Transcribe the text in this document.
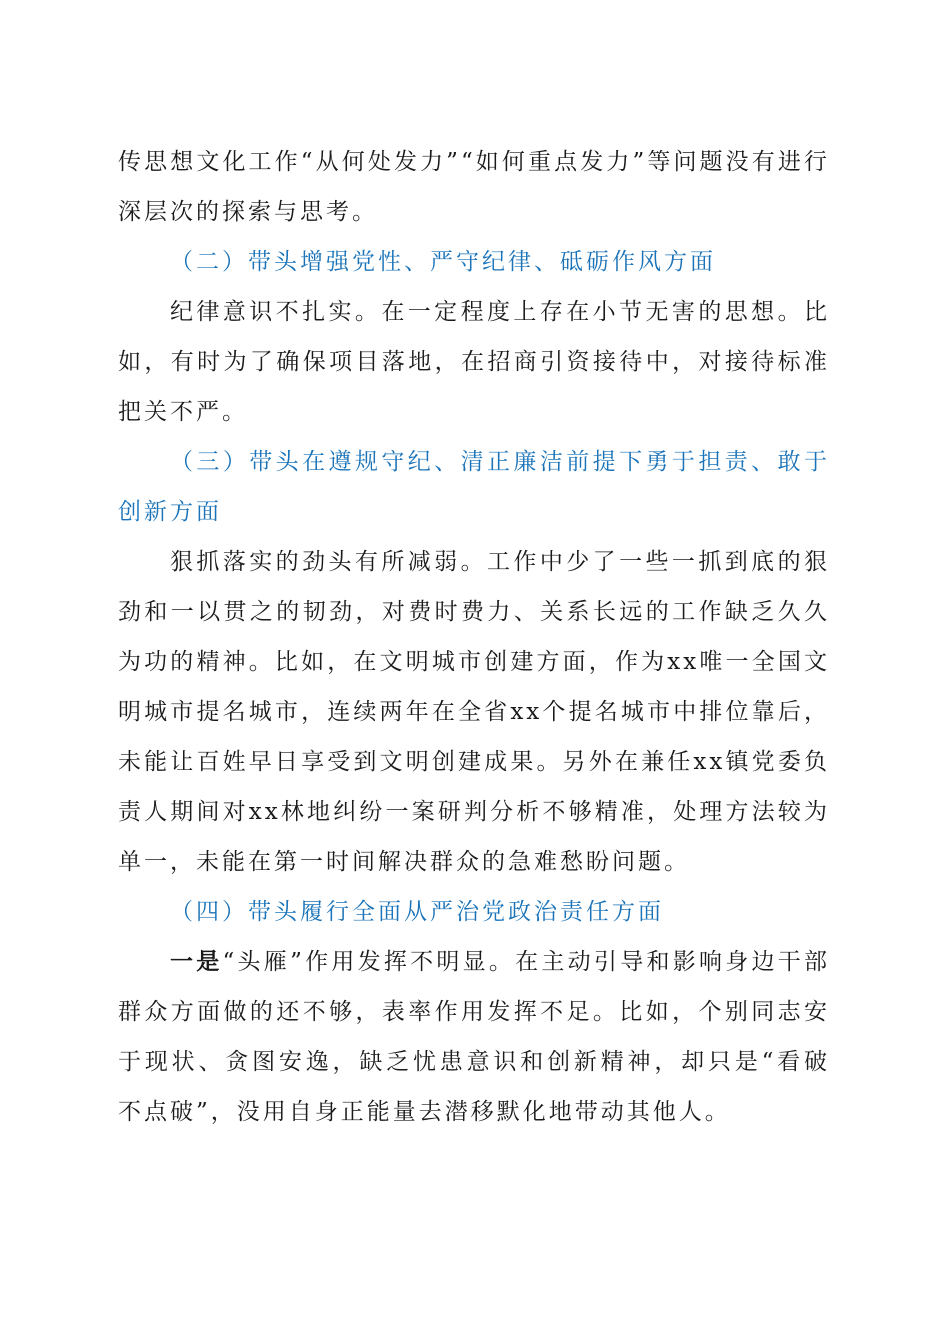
传思想文化工作“从何处发力”“如何重点发力”等问题没有进行深层次的探索与思考。

（二）带头增强党性、严守纪律、砥砺作风方面

纪律意识不扎实。在一定程度上存在小节无害的思想。比如，有时为了确保项目落地，在招商引资接待中，对接待标准把关不严。

（三）带头在遵规守纪、清正廉洁前提下勇于担责、敢于创新方面

狠抓落实的劲头有所减弱。工作中少了一些一抓到底的狠劲和一以贯之的韧劲，对费时费力、关系长远的工作缺乏久久为功的精神。比如，在文明城市创建方面，作为xx唯一全国文明城市提名城市，连续两年在全省xx个提名城市中排位靠后，未能让百姓早日享受到文明创建成果。另外在兼任xx镇党委负责人期间对xx林地纠纷一案研判分析不够精准，处理方法较为单一，未能在第一时间解决群众的急难愁盼问题。

（四）带头履行全面从严治党政治责任方面

一是“头雁”作用发挥不明显。在主动引导和影响身边干部群众方面做的还不够，表率作用发挥不足。比如，个别同志安于现状、贪图安逸，缺乏忧患意识和创新精神，却只是“看破不点破”，没用自身正能量去潜移默化地带动其他人。
